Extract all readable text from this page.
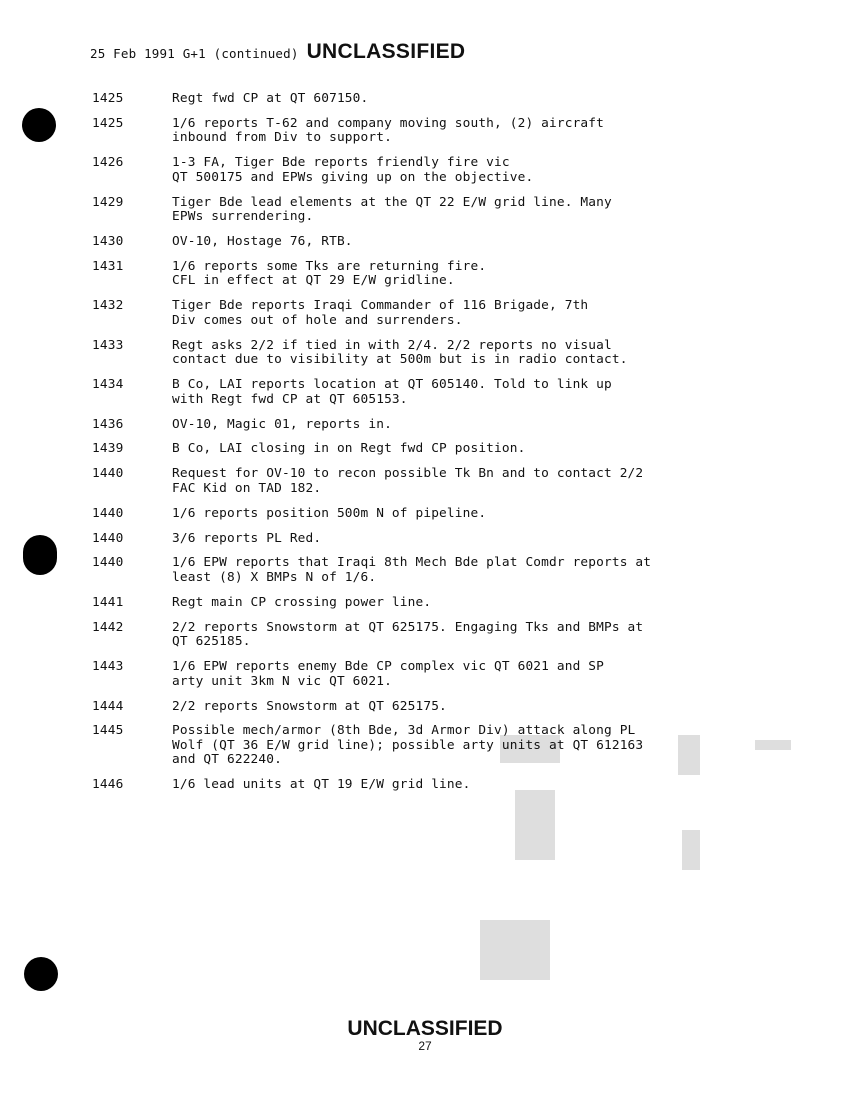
25 Feb 1991 G+1 (continued) UNCLASSIFIED
1425	Regt fwd CP at QT 607150.
1425	1/6 reports T-62 and company moving south, (2) aircraft
inbound from Div to support.
1426	1-3 FA, Tiger Bde reports friendly fire vic
QT 500175 and EPWs giving up on the objective.
1429	Tiger Bde lead elements at the QT 22 E/W grid line. Many
EPWs surrendering.
1430	OV-10, Hostage 76, RTB.
1431	1/6 reports some Tks are returning fire.
CFL in effect at QT 29 E/W gridline.
1432	Tiger Bde reports Iraqi Commander of 116 Brigade, 7th
Div comes out of hole and surrenders.
1433	Regt asks 2/2 if tied in with 2/4. 2/2 reports no visual
contact due to visibility at 500m but is in radio contact.
1434	B Co, LAI reports location at QT 605140. Told to link up
with Regt fwd CP at QT 605153.
1436	OV-10, Magic 01, reports in.
1439	B Co, LAI closing in on Regt fwd CP position.
1440	Request for OV-10 to recon possible Tk Bn and to contact 2/2
FAC Kid on TAD 182.
1440	1/6 reports position 500m N of pipeline.
1440	3/6 reports PL Red.
1440	1/6 EPW reports that Iraqi 8th Mech Bde plat Comdr reports at
least (8) X BMPs N of 1/6.
1441	Regt main CP crossing power line.
1442	2/2 reports Snowstorm at QT 625175. Engaging Tks and BMPs at
QT 625185.
1443	1/6 EPW reports enemy Bde CP complex vic QT 6021 and SP
arty unit 3km N vic QT 6021.
1444	2/2 reports Snowstorm at QT 625175.
1445	Possible mech/armor (8th Bde, 3d Armor Div) attack along PL
Wolf (QT 36 E/W grid line); possible arty units at QT 612163
and QT 622240.
1446	1/6 lead units at QT 19 E/W grid line.
UNCLASSIFIED
27
